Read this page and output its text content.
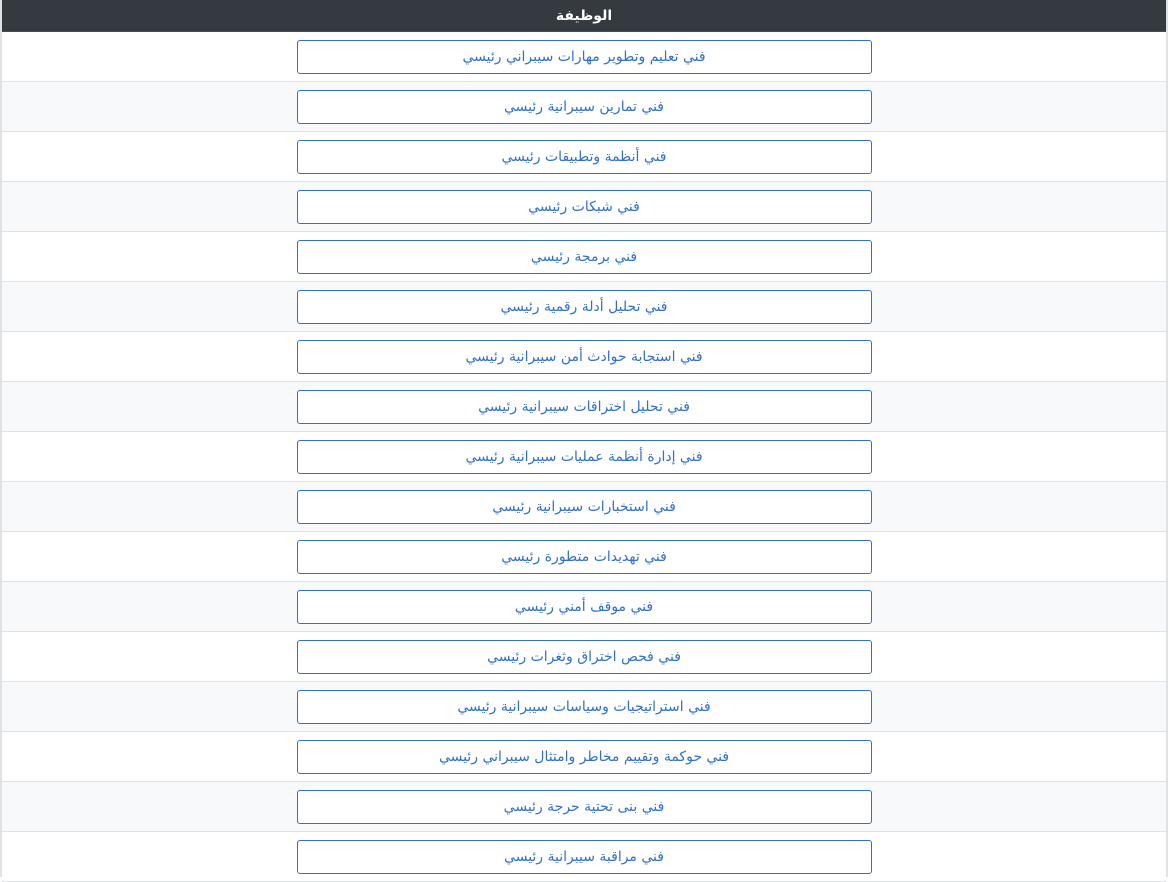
الوظيفة
فني تعليم وتطوير مهارات سيبراني رئيسي
فني تمارين سيبرانية رئيسي
فني أنظمة وتطبيقات رئيسي
فني شبكات رئيسي
فني برمجة رئيسي
فني تحليل أدلة رقمية رئيسي
فني استجابة حوادث أمن سيبرانية رئيسي
فني تحليل اختراقات سيبرانية رئيسي
فني إدارة أنظمة عمليات سيبرانية رئيسي
فني استخبارات سيبرانية رئيسي
فني تهديدات متطورة رئيسي
فني موقف أمني رئيسي
فني فحص اختراق وثغرات رئيسي
فني استراتيجيات وسياسات سيبرانية رئيسي
فني حوكمة وتقييم مخاطر وامتثال سيبراني رئيسي
فني بنى تحتية حرجة رئيسي
فني مراقبة سيبرانية رئيسي
